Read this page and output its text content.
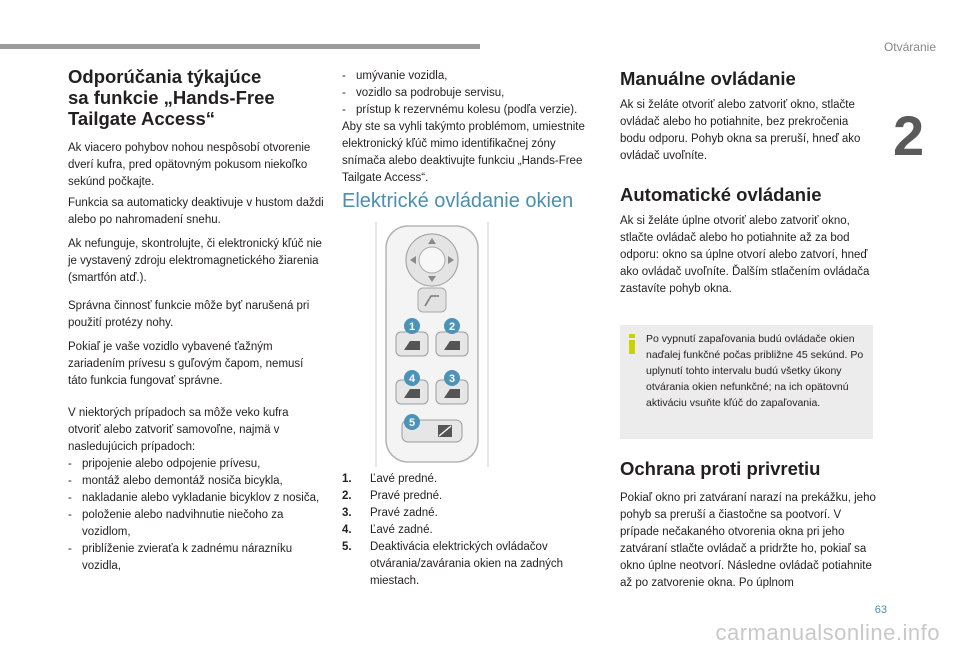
Otváranie
2
Odporúčania týkajúce
sa funkcie „Hands-Free
Tailgate Access“

Ak viacero pohybov nohou nespôsobí otvorenie dverí kufra, pred opätovným pokusom niekoľko sekúnd počkajte.

Funkcia sa automaticky deaktivuje v hustom daždi alebo po nahromadení snehu.

Ak nefunguje, skontrolujte, či elektronický kľúč nie je vystavený zdroju elektromagnetického žiarenia (smartfón atď.).

Správna činnosť funkcie môže byť narušená pri použití protézy nohy.

Pokiaľ je vaše vozidlo vybavené ťažným zariadením prívesu s guľovým čapom, nemusí táto funkcia fungovať správne.

V niektorých prípadoch sa môže veko kufra otvoriť alebo zatvoriť samovoľne, najmä v nasledujúcich prípadoch:

- pripojenie alebo odpojenie prívesu,

- montáž alebo demontáž nosiča bicykla,

- nakladanie alebo vykladanie bicyklov z nosiča,

- položenie alebo nadvihnutie niečoho za vozidlom,

- priblíženie zvieraťa k zadnému nárazníku vozidla,

- umývanie vozidla,

- vozidlo sa podrobuje servisu,

- prístup k rezervnému kolesu (podľa verzie).

Aby ste sa vyhli takýmto problémom, umiestnite elektronický kľúč mimo identifikačnej zóny snímača alebo deaktivujte funkciu „Hands-Free Tailgate Access“.

Elektrické ovládanie okien
1	2
3
4
5
1.	Ľavé predné.
2.	Pravé predné.
3.	Pravé zadné.
4.	Ľavé zadné.
5.	Deaktivácia elektrických ovládačov otvárania/zavárania okien na zadných miestach.
Manuálne ovládanie

Ak si želáte otvoriť alebo zatvoriť okno, stlačte ovládač alebo ho potiahnite, bez prekročenia bodu odporu. Pohyb okna sa preruší, hneď ako ovládač uvoľníte.

Automatické ovládanie

Ak si želáte úplne otvoriť alebo zatvoriť okno, stlačte ovládač alebo ho potiahnite až za bod odporu: okno sa úplne otvorí alebo zatvorí, hneď ako ovládač uvoľníte. Ďalším stlačením ovládača zastavíte pohyb okna.

Po vypnutí zapaľovania budú ovládače okien naďalej funkčné počas približne 45 sekúnd. Po uplynutí tohto intervalu budú všetky úkony otvárania okien nefunkčné; na ich opätovnú aktiváciu vsuňte kľúč do zapaľovania.
Ochrana proti privretiu

Pokiaľ okno pri zatváraní narazí na prekážku, jeho pohyb sa preruší a čiastočne sa pootvorí. V prípade nečakaného otvorenia okna pri jeho zatváraní stlačte ovládač a pridržte ho, pokiaľ sa okno úplne neotvorí. Následne ovládač potiahnite až po zatvorenie okna. Po úplnom

63
carmanualsonline.info
